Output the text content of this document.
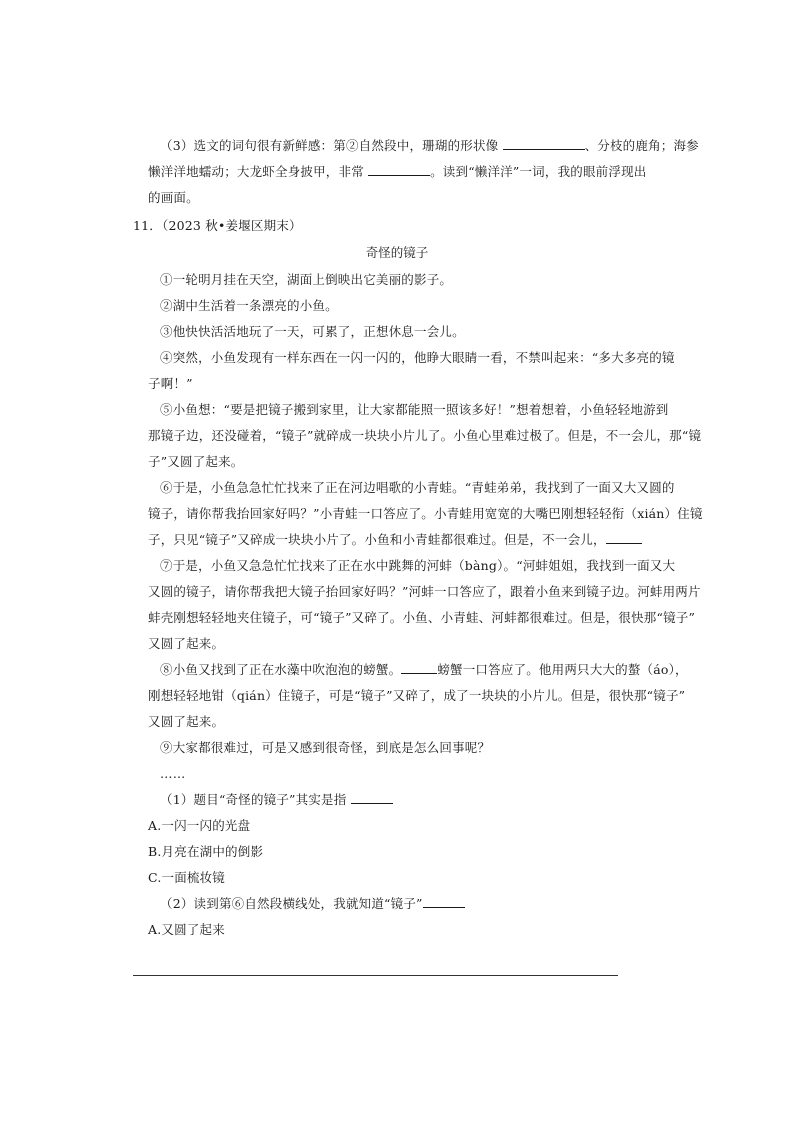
（3）选文的词句很有新鲜感：第②自然段中，珊瑚的形状像	、分枝的鹿角；海参
懒洋洋地蠕动；大龙虾全身披甲，非常	。读到“懒洋洋”一词，我的眼前浮现出
的画面。
11．（2023 秋•姜堰区期末）
奇怪的镜子
①一轮明月挂在天空，湖面上倒映出它美丽的影子。
②湖中生活着一条漂亮的小鱼。
③他快快活活地玩了一天，可累了，正想休息一会儿。
④突然，小鱼发现有一样东西在一闪一闪的，他睁大眼睛一看，不禁叫起来：“多大多亮的镜
子啊！”
⑤小鱼想：“要是把镜子搬到家里，让大家都能照一照该多好！”想着想着，小鱼轻轻地游到
那镜子边，还没碰着，“镜子”就碎成一块块小片儿了。小鱼心里难过极了。但是，不一会儿，那“镜
子”又圆了起来。
⑥于是，小鱼急急忙忙找来了正在河边唱歌的小青蛙。“青蛙弟弟，我找到了一面又大又圆的
镜子，请你帮我抬回家好吗？”小青蛙一口答应了。小青蛙用宽宽的大嘴巴刚想轻轻衔（xián）住镜
子，只见“镜子”又碎成一块块小片了。小鱼和小青蛙都很难过。但是，不一会儿，
⑦于是，小鱼又急急忙忙找来了正在水中跳舞的河蚌（bàng）。“河蚌姐姐，我找到一面又大
又圆的镜子，请你帮我把大镜子抬回家好吗？”河蚌一口答应了，跟着小鱼来到镜子边。河蚌用两片
蚌壳刚想轻轻地夹住镜子，可“镜子”又碎了。小鱼、小青蛙、河蚌都很难过。但是，很快那“镜子”
又圆了起来。
⑧小鱼又找到了正在水藻中吹泡泡的螃蟹。	螃蟹一口答应了。他用两只大大的螯（áo），
刚想轻轻地钳（qián）住镜子，可是“镜子”又碎了，成了一块块的小片儿。但是，很快那“镜子”
又圆了起来。
⑨大家都很难过，可是又感到很奇怪，到底是怎么回事呢？
……
（1）题目“奇怪的镜子”其实是指
A.一闪一闪的光盘
B.月亮在湖中的倒影
C.一面梳妆镜
（2）读到第⑥自然段横线处，我就知道“镜子”
A.又圆了起来
